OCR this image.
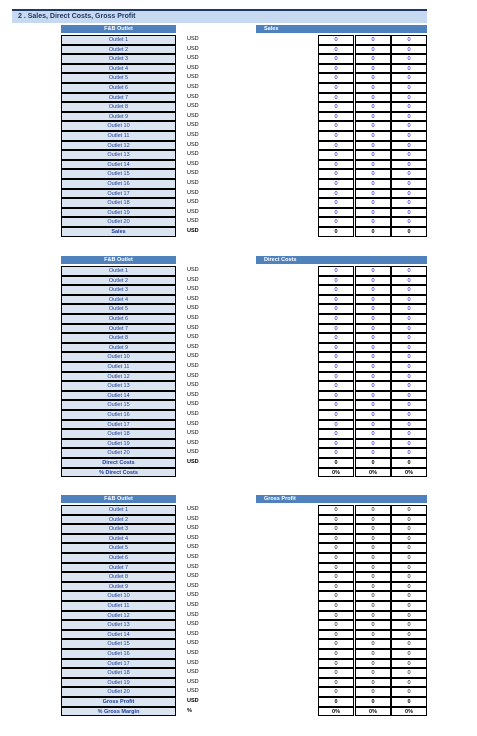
2 . Sales, Direct Costs, Gross Profit
F&B Outlet	Sales
Outlet 1	USD	0	0	0
Outlet 2	USD	0	0	0
Outlet 3	USD	0	0	0
Outlet 4	USD	0	0	0
Outlet 5	USD	0	0	0
Outlet 6	USD	0	0	0
Outlet 7	USD	0	0	0
Outlet 8	USD	0	0	0
Outlet 9	USD	0	0	0
Outlet 10	USD	0	0	0
Outlet 11	USD	0	0	0
Outlet 12	USD	0	0	0
Outlet 13	USD	0	0	0
Outlet 14	USD	0	0	0
Outlet 15	USD	0	0	0
Outlet 16	USD	0	0	0
Outlet 17	USD	0	0	0
Outlet 18	USD	0	0	0
Outlet 19	USD	0	0	0
Outlet 20	USD	0	0	0
Sales	USD	0	0	0
F&B Outlet	Direct Costs
Outlet 1	USD	0	0	0
Outlet 2	USD	0	0	0
Outlet 3	USD	0	0	0
Outlet 4	USD	0	0	0
Outlet 5	USD	0	0	0
Outlet 6	USD	0	0	0
Outlet 7	USD	0	0	0
Outlet 8	USD	0	0	0
Outlet 9	USD	0	0	0
Outlet 10	USD	0	0	0
Outlet 11	USD	0	0	0
Outlet 12	USD	0	0	0
Outlet 13	USD	0	0	0
Outlet 14	USD	0	0	0
Outlet 15	USD	0	0	0
Outlet 16	USD	0	0	0
Outlet 17	USD	0	0	0
Outlet 18	USD	0	0	0
Outlet 19	USD	0	0	0
Outlet 20	USD	0	0	0
Direct Costs	USD	0	0	0
% Direct Costs	0%	0%	0%
F&B Outlet	Gross Profit
Outlet 1	USD	0	0	0
Outlet 2	USD	0	0	0
Outlet 3	USD	0	0	0
Outlet 4	USD	0	0	0
Outlet 5	USD	0	0	0
Outlet 6	USD	0	0	0
Outlet 7	USD	0	0	0
Outlet 8	USD	0	0	0
Outlet 9	USD	0	0	0
Outlet 10	USD	0	0	0
Outlet 11	USD	0	0	0
Outlet 12	USD	0	0	0
Outlet 13	USD	0	0	0
Outlet 14	USD	0	0	0
Outlet 15	USD	0	0	0
Outlet 16	USD	0	0	0
Outlet 17	USD	0	0	0
Outlet 18	USD	0	0	0
Outlet 19	USD	0	0	0
Outlet 20	USD	0	0	0
Gross Profit	USD	0	0	0
% Gross Margin	%	0%	0%	0%
